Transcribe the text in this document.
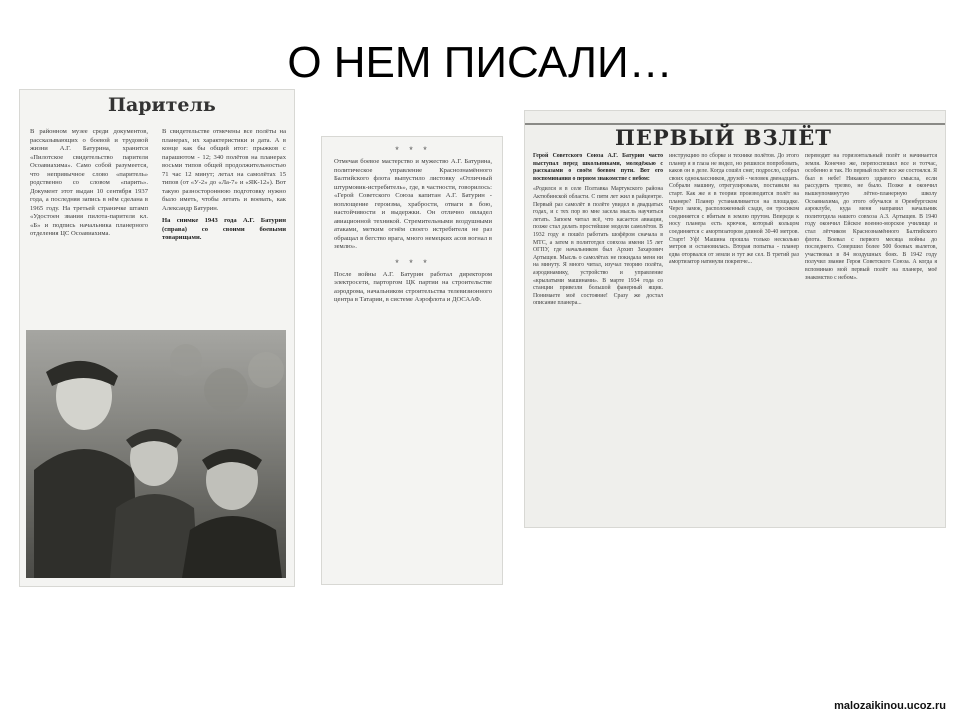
О НЕМ ПИСАЛИ…
Паритель

В районном музее среди документов, рассказывающих о боевой и трудовой жизни А.Г. Батурина, хранится «Пилотское свидетельство парителя Осоавиахима». Само собой разумеется, что непривычное слово «паритель» родственно со словом «парить». Документ этот выдан 10 сентября 1937 года, а последняя запись в нём сделана в 1965 году. На третьей страничке штамп «Удостоен звания пилота-парителя кл. «Б» и подпись начальника планерного отделения ЦС Осоавиахима.

В свидетельстве отмечены все полёты на планерах, их характеристики и дата. А в конце как бы общий итог: прыжков с парашютом - 12; 340 полётов на планерах восьми типов общей продолжительностью 71 час 12 минут; летал на самолётах 15 типов (от «У-2» до «Ла-7» и «ЯК-12»). Вот такую разностороннюю подготовку нужно было иметь, чтобы летать и воевать, как Александр Батурин.

На снимке 1943 года А.Г. Батурин (справа) со своими боевыми товарищами.

* * *

Отмечая боевое мастерство и мужество А.Г. Батурина, политическое управление Краснознамённого Балтийского флота выпустило листовку «Отличный штурмовик-истребитель», где, в частности, говорилось: «Герой Советского Союза капитан А.Г. Батурин - воплощение героизма, храбрости, отваги в бою, настойчивости и выдержки. Он отлично овладел авиационной техникой. Стремительными воздушными атаками, метким огнём своего истребителя не раз обращал в бегство врага, много немецких асов вогнал в землю».

* * *

После войны А.Г. Батурин работал директором электросети, парторгом ЦК партии на строительстве аэродрома, начальником строительства телевизионного центра в Татарии, в системе Аэрофлота и ДОСААФ.

ПЕРВЫЙ ВЗЛЁТ

Герой Советского Союза А.Г. Батурин часто выступал перед школьниками, молодёжью с рассказами о своём боевом пути. Вот его воспоминания о первом знакомстве с небом:

«Родился я в селе Полтавка Мартукского района Актюбинской области. С пяти лет жил в райцентре. Первый раз самолёт в полёте увидел в двадцатых годах, и с тех пор во мне засела мысль научиться летать. Запоем читал всё, что касается авиации, позже стал делать простейшие модели самолётов. В 1932 году я пошёл работать шофёром сначала в МТС, а затем в политотдел совхоза имени 15 лет ОГПУ, где начальником был Архип Захарович Артыщев. Мысль о самолётах не покидала меня ни на минуту. Я много читал, изучал теорию полёта, аэродинамику, устройство и управление «крылатыми машинами». В марте 1934 года со станции привезли большой фанерный ящик. Понимаете моё состояние! Сразу же достал описание планера...

инструкцию по сборке и технике полётов. До этого планер я в глаза не видел, но решился попробовать, каков он в деле. Когда сошёл снег, подросло, собрал своих одноклассников, друзей - человек двенадцать. Собрали машину, отрегулировали, поставили на старт. Как же я в теории производится полёт на планере? Планер устанавливается на площадке. Через замок, расположенный сзади, он тросиком соединяется с вбитым в землю прутом. Впереди к носу планера есть крючок, который кольцом соединяется с амортизатором длиной 30-40 метров. Старт! Уф! Машина прошла только несколько метров и остановилась. Вторая попытка - планер едва оторвался от земли и тут же сел. В третий раз амортизатор натянули покрепче...

переводит на горизонтальный полёт и начинается земля. Конечно же, перепоспешил все и тотчас, особенно и так. Но первый полёт все же состоялся. Я был в небе! Никакого здравого смысла, если рассудить трезво, не было. Позже я окончил вышеупомянутую лётно-планерную школу Осоавиахима, до этого обучался в Оренбургском аэроклубе, куда меня направил начальник политотдела нашего совхоза А.З. Артыщев. В 1940 году окончил Ейское военно-морское училище и стал лётчиком Краснознамённого Балтийского флота. Воевал с первого месяца войны до последнего. Совершил более 500 боевых вылетов, участвовал в 84 воздушных боях. В 1942 году получил звание Героя Советского Союза. А когда я вспоминаю мой первый полёт на планере, моё знакомство с небом».

malozaikinou.ucoz.ru
